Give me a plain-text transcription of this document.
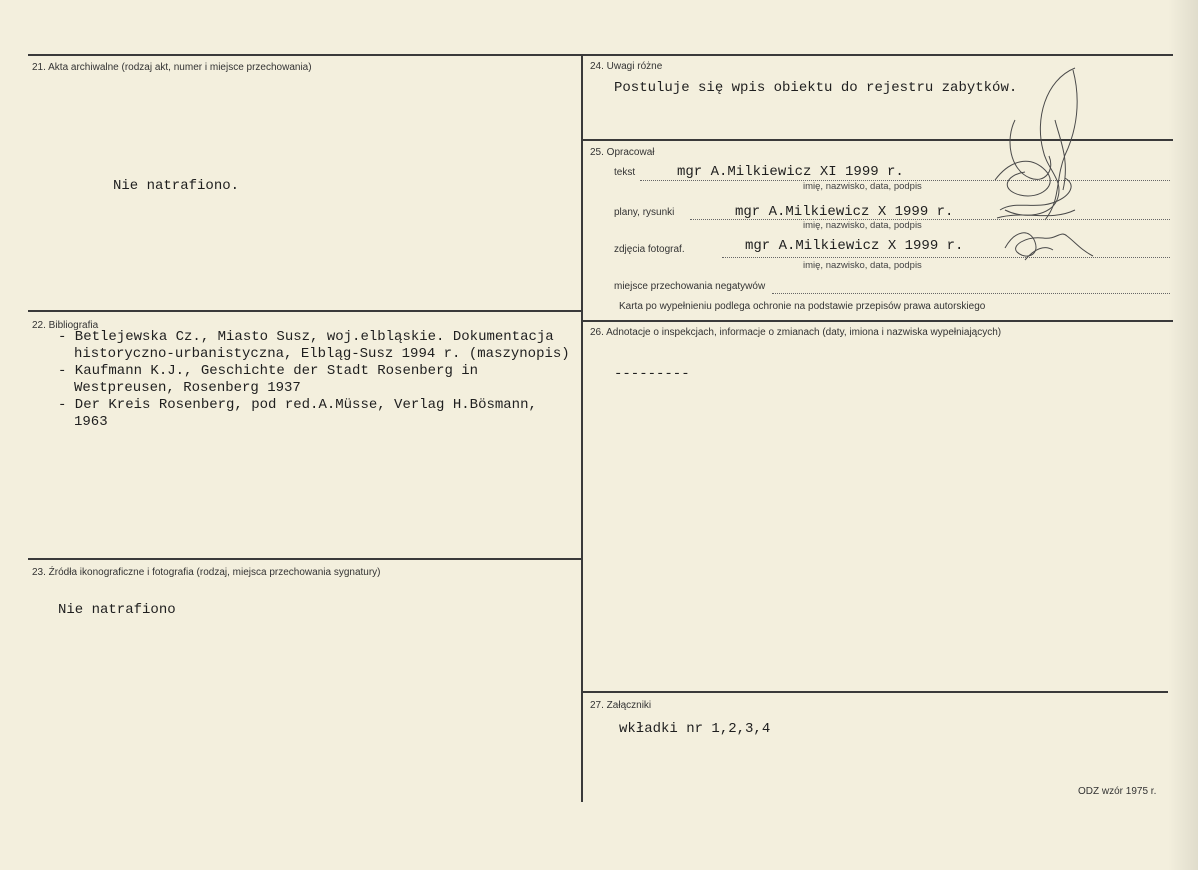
21. Akta archiwalne (rodzaj akt, numer i miejsce przechowania)
Nie natrafiono.
22. Bibliografia
- Betlejewska Cz., Miasto Susz, woj.elbląskie. Dokumentacja historyczno-urbanistyczna, Elbląg-Susz 1994 r. (maszynopis)
- Kaufmann K.J., Geschichte der Stadt Rosenberg in Westpreusen, Rosenberg 1937
- Der Kreis Rosenberg, pod red.A.Müsse, Verlag H.Bösmann, 1963
23. Źródła ikonograficzne i fotografia (rodzaj, miejsca przechowania sygnatury)
Nie natrafiono
24. Uwagi różne
Postuluje się wpis obiektu do rejestru zabytków.
25. Opracował
tekst	mgr A.Milkiewicz XI 1999 r.
imię, nazwisko, data, podpis
plany, rysunki	mgr A.Milkiewicz X 1999 r.
imię, nazwisko, data, podpis
zdjęcia fotograf.	mgr A.Milkiewicz X 1999 r.
imię, nazwisko, data, podpis
miejsce przechowania negatywów
Karta po wypełnieniu podlega ochronie na podstawie przepisów prawa autorskiego
26. Adnotacje o inspekcjach, informacje o zmianach (daty, imiona i nazwiska wypełniających)
---------
27. Załączniki
wkładki nr 1,2,3,4
ODZ wzór 1975 r.
